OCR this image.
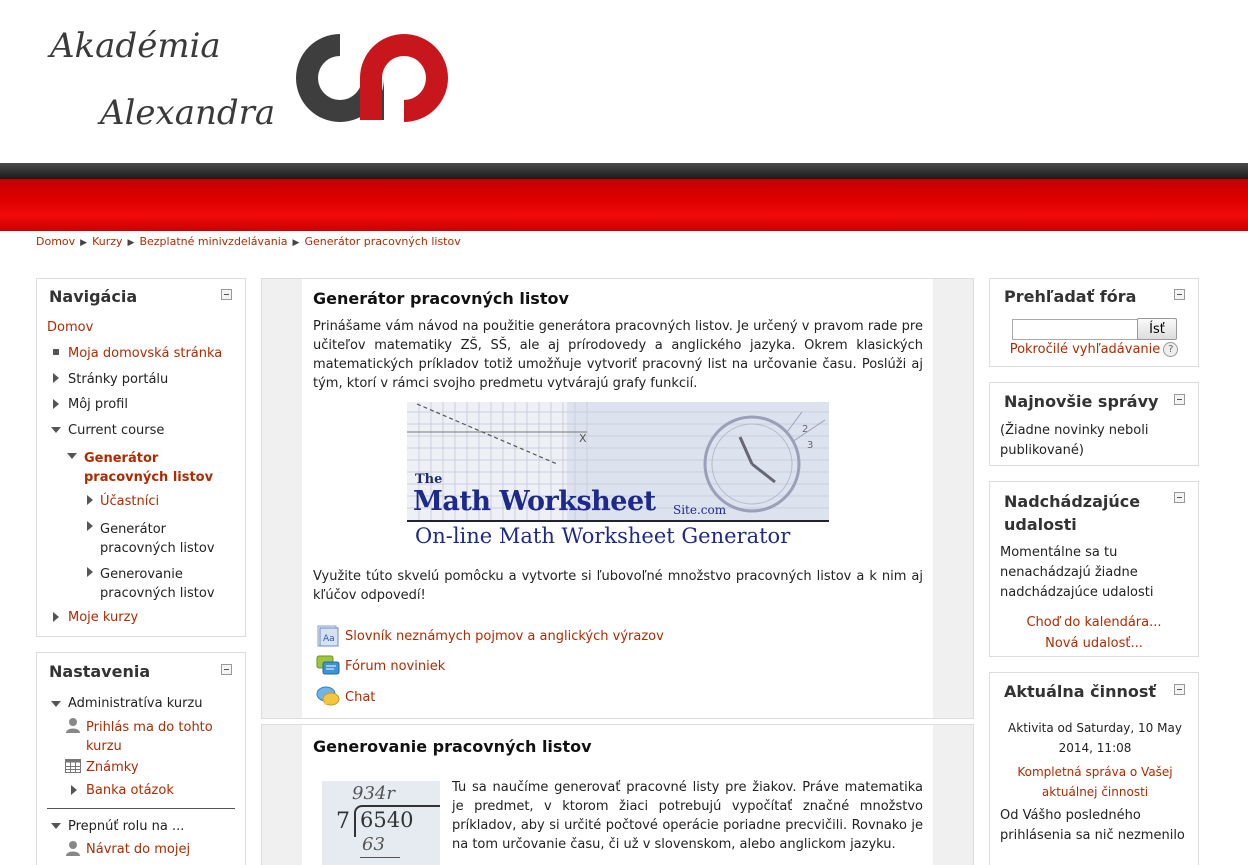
Akadémia
Alexandra
Domov ▶ Kurzy ▶ Bezplatné minivzdelávania ▶ Generátor pracovných listov
Navigácia
Domov
Moja domovská stránka
Stránky portálu
Môj profil
Current course
Generátor pracovných listov
Účastníci
Generátor pracovných listov
Generovanie pracovných listov
Moje kurzy
Nastavenia
Administratíva kurzu
Prihlás ma do tohto kurzu
Známky
Banka otázok
Prepnúť rolu na ...
Návrat do mojej
Generátor pracovných listov
Prinášame vám návod na použitie generátora pracovných listov. Je určený v pravom rade pre učiteľov matematiky ZŠ, SŠ, ale aj prírodovedy a anglického jazyka. Okrem klasických matematických príkladov totiž umožňuje vytvoriť pracovný list na určovanie času. Poslúži aj tým, ktorí v rámci svojho predmetu vytvárajú grafy funkcií.
X
2
3
The
Math Worksheet Site.com
On-line Math Worksheet Generator
Využite túto skvelú pomôcku a vytvorte si ľubovoľné množstvo pracovných listov a k nim aj kľúčov odpovedí!
Aa Slovník neznámych pojmov a anglických výrazov
Fórum noviniek
Chat
Generovanie pracovných listov
934r
7 6540
63
Tu sa naučíme generovať pracovné listy pre žiakov. Práve matematika je predmet, v ktorom žiaci potrebujú vypočítať značné množstvo príkladov, aby si určité počtové operácie poriadne precvičili. Rovnako je na tom určovanie času, či už v slovenskom, alebo anglickom jazyku.
Prehľadať fóra
Ísť
Pokročilé vyhľadávanie ?
Najnovšie správy
(Žiadne novinky neboli publikované)
Nadchádzajúce udalosti
Momentálne sa tu nenachádzajú žiadne nadchádzajúce udalosti
Choď do kalendára...
Nová udalosť...
Aktuálna činnosť
Aktivita od Saturday, 10 May 2014, 11:08
Kompletná správa o Vašej aktuálnej činnosti
Od Vášho posledného prihlásenia sa nič nezmenilo
